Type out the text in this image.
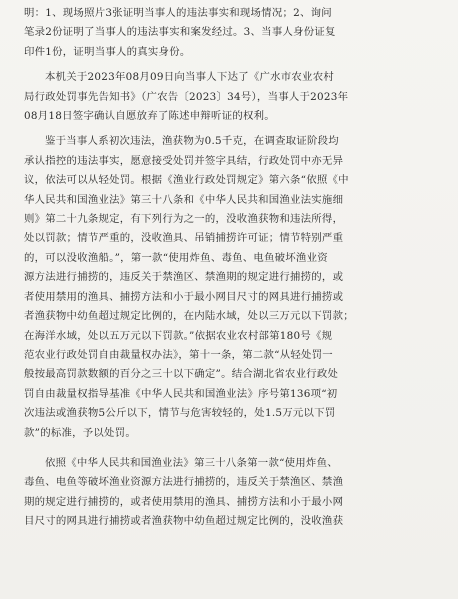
明：1、现场照片3张证明当事人的违法事实和现场情况；2、询问
笔录2份证明了当事人的违法事实和案发经过。3、当事人身份证复
印件1份，证明当事人的真实身份。
本机关于2023年08月09日向当事人下达了《广水市农业农村
局行政处罚事先告知书》（广农告〔2023〕34号），当事人于2023年
08月18日签字确认自愿放弃了陈述申辩听证的权利。
鉴于当事人系初次违法，渔获物为0.5千克，在调查取证阶段均
承认指控的违法事实，愿意接受处罚并签字具结，行政处罚中亦无异
议，依法可以从轻处罚。根据《渔业行政处罚规定》第六条“依照《中
华人民共和国渔业法》第三十八条和《中华人民共和国渔业法实施细
则》第二十九条规定，有下列行为之一的，没收渔获物和违法所得，
处以罚款；情节严重的，没收渔具、吊销捕捞许可证；情节特别严重
的，可以没收渔船。”，第一款“使用炸鱼、毒鱼、电鱼破坏渔业资
源方法进行捕捞的，违反关于禁渔区、禁渔期的规定进行捕捞的，或
者使用禁用的渔具、捕捞方法和小于最小网目尺寸的网具进行捕捞或
者渔获物中幼鱼超过规定比例的，在内陆水域，处以三万元以下罚款；
在海洋水域，处以五万元以下罚款。”依据农业农村部第180号《规
范农业行政处罚自由裁量权办法》，第十一条，第二款“从轻处罚一
般按最高罚款数额的百分之三十以下确定”。结合湖北省农业行政处
罚自由裁量权指导基准《中华人民共和国渔业法》序号第136项“初
次违法或渔获物5公斤以下，情节与危害较轻的，处1.5万元以下罚
款”的标准，予以处罚。
依照《中华人民共和国渔业法》第三十八条第一款“使用炸鱼、
毒鱼、电鱼等破坏渔业资源方法进行捕捞的，违反关于禁渔区、禁渔
期的规定进行捕捞的，或者使用禁用的渔具、捕捞方法和小于最小网
目尺寸的网具进行捕捞或者渔获物中幼鱼超过规定比例的，没收渔获
